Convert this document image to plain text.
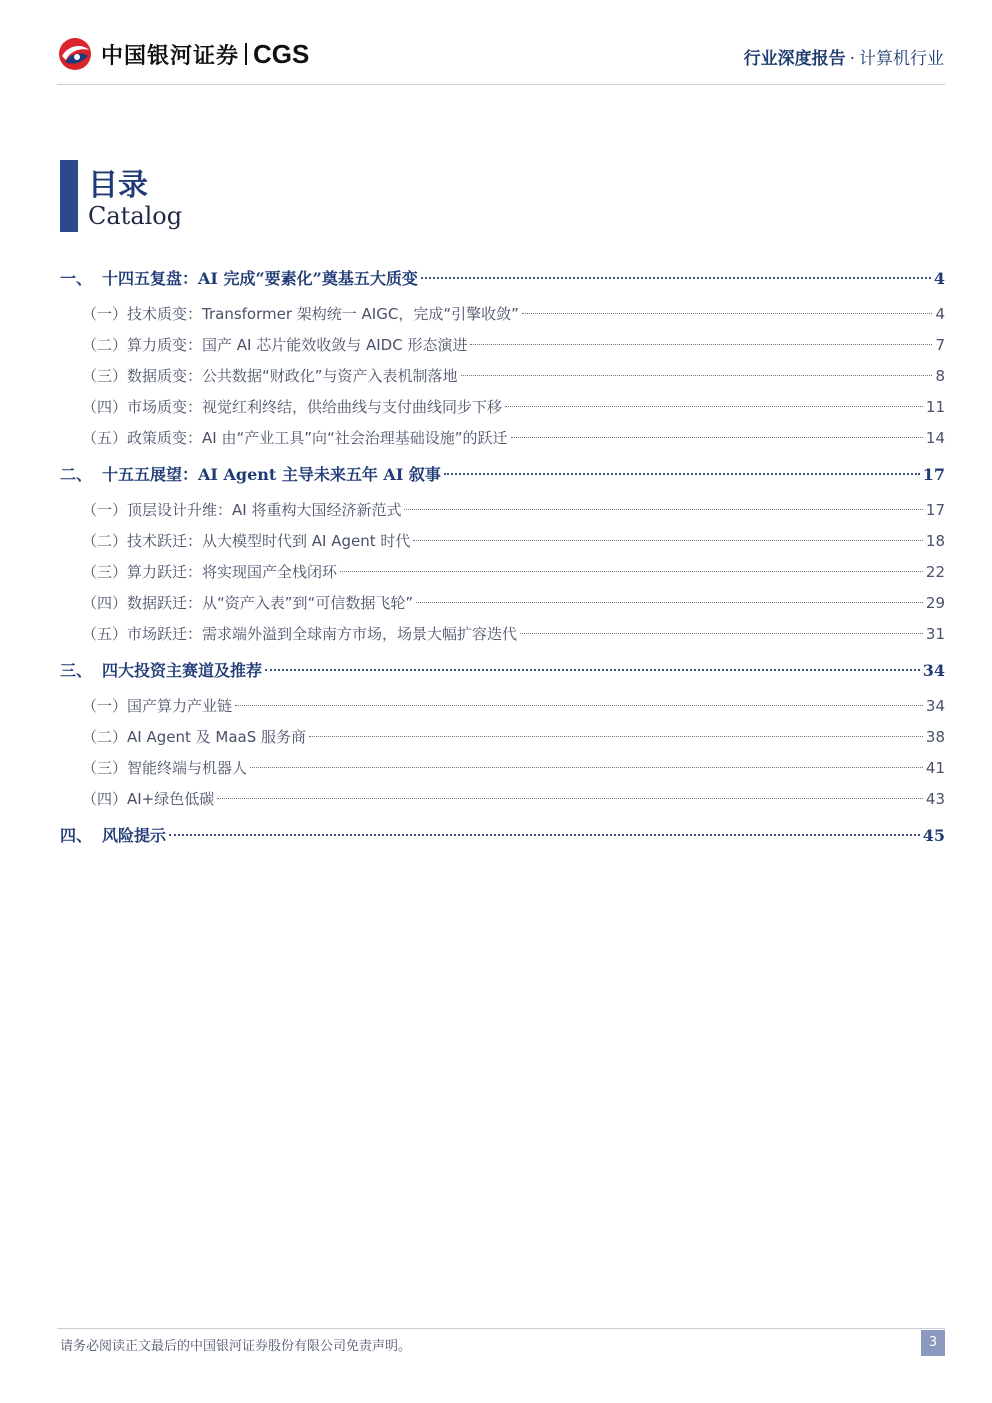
中国银河证券 CGS	行业深度报告 · 计算机行业
目录
Catalog
一、 十四五复盘：AI 完成“要素化”奠基五大质变	4
（一）技术质变：Transformer 架构统一 AIGC，完成“引擎收敛”	4
（二）算力质变：国产 AI 芯片能效收敛与 AIDC 形态演进	7
（三）数据质变：公共数据“财政化”与资产入表机制落地	8
（四）市场质变：视觉红利终结，供给曲线与支付曲线同步下移	11
（五）政策质变：AI 由“产业工具”向“社会治理基础设施”的跃迁	14
二、 十五五展望：AI Agent 主导未来五年 AI 叙事	17
（一）顶层设计升维：AI 将重构大国经济新范式	17
（二）技术跃迁：从大模型时代到 AI Agent 时代	18
（三）算力跃迁：将实现国产全栈闭环	22
（四）数据跃迁：从“资产入表”到“可信数据飞轮”	29
（五）市场跃迁：需求端外溢到全球南方市场，场景大幅扩容迭代	31
三、 四大投资主赛道及推荐	34
（一）国产算力产业链	34
（二）AI Agent 及 MaaS 服务商	38
（三）智能终端与机器人	41
（四）AI+绿色低碳	43
四、 风险提示	45
请务必阅读正文最后的中国银河证券股份有限公司免责声明。	3
